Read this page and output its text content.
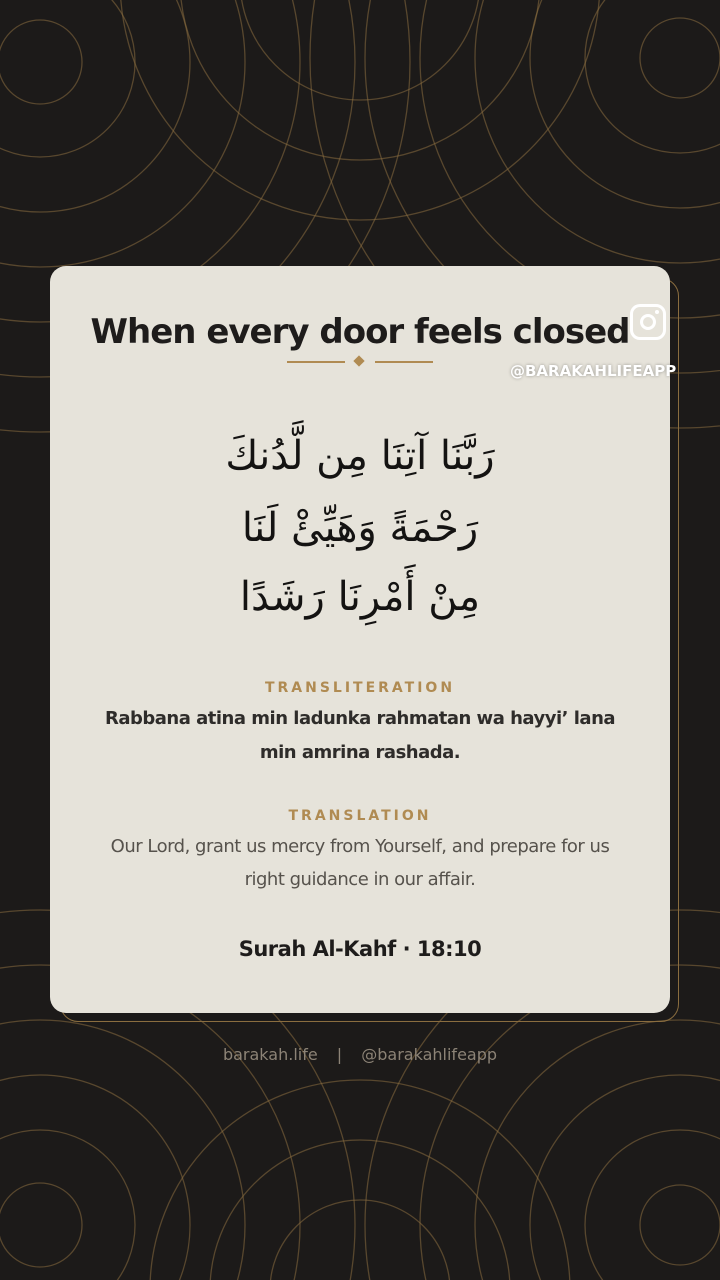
When every door feels closed
@BARAKAHLIFEAPP
رَبَّنَا آتِنَا مِن لَّدُنكَ
رَحْمَةً وَهَيِّئْ لَنَا
مِنْ أَمْرِنَا رَشَدًا
TRANSLITERATION
Rabbana atina min ladunka rahmatan wa hayyi’ lana min amrina rashada.
TRANSLATION
Our Lord, grant us mercy from Yourself, and prepare for us right guidance in our affair.
Surah Al-Kahf · 18:10
barakah.life | @barakahlifeapp
